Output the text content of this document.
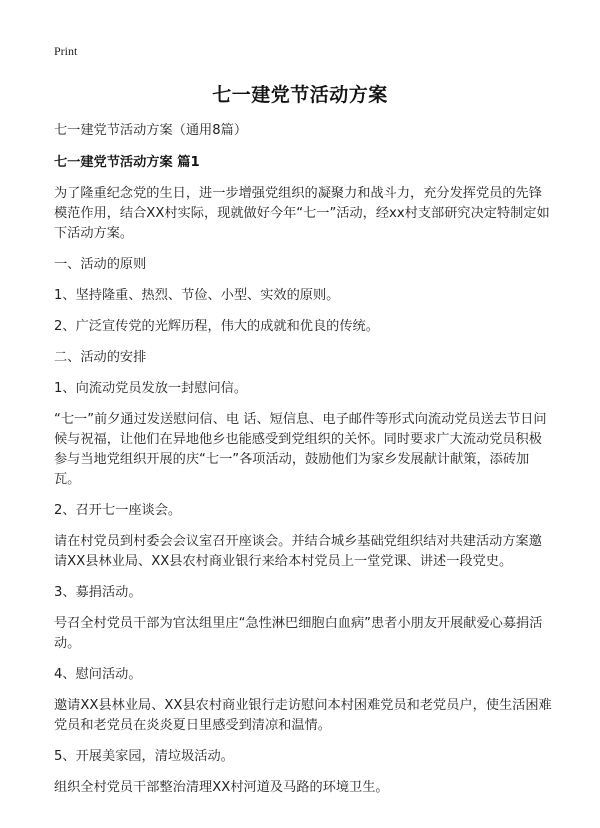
Print
七一建党节活动方案

七一建党节活动方案（通用8篇）

七一建党节活动方案 篇1

为了隆重纪念党的生日，进一步增强党组织的凝聚力和战斗力，充分发挥党员的先锋模范作用，结合XX村实际，现就做好今年“七一”活动，经xx村支部研究决定特制定如下活动方案。

一、活动的原则

1、坚持隆重、热烈、节俭、小型、实效的原则。

2、广泛宣传党的光辉历程，伟大的成就和优良的传统。

二、活动的安排

1、向流动党员发放一封慰问信。

“七一”前夕通过发送慰问信、电 话、短信息、电子邮件等形式向流动党员送去节日问候与祝福，让他们在异地他乡也能感受到党组织的关怀。同时要求广大流动党员积极参与当地党组织开展的庆“七一”各项活动，鼓励他们为家乡发展献计献策，添砖加瓦。

2、召开七一座谈会。

请在村党员到村委会会议室召开座谈会。并结合城乡基础党组织结对共建活动方案邀请XX县林业局、XX县农村商业银行来给本村党员上一堂党课、讲述一段党史。

3、募捐活动。

号召全村党员干部为官汰组里庄“急性淋巴细胞白血病”患者小朋友开展献爱心募捐活动。

4、慰问活动。

邀请XX县林业局、XX县农村商业银行走访慰问本村困难党员和老党员户，使生活困难党员和老党员在炎炎夏日里感受到清凉和温情。

5、开展美家园，清垃圾活动。

组织全村党员干部整治清理XX村河道及马路的环境卫生。
